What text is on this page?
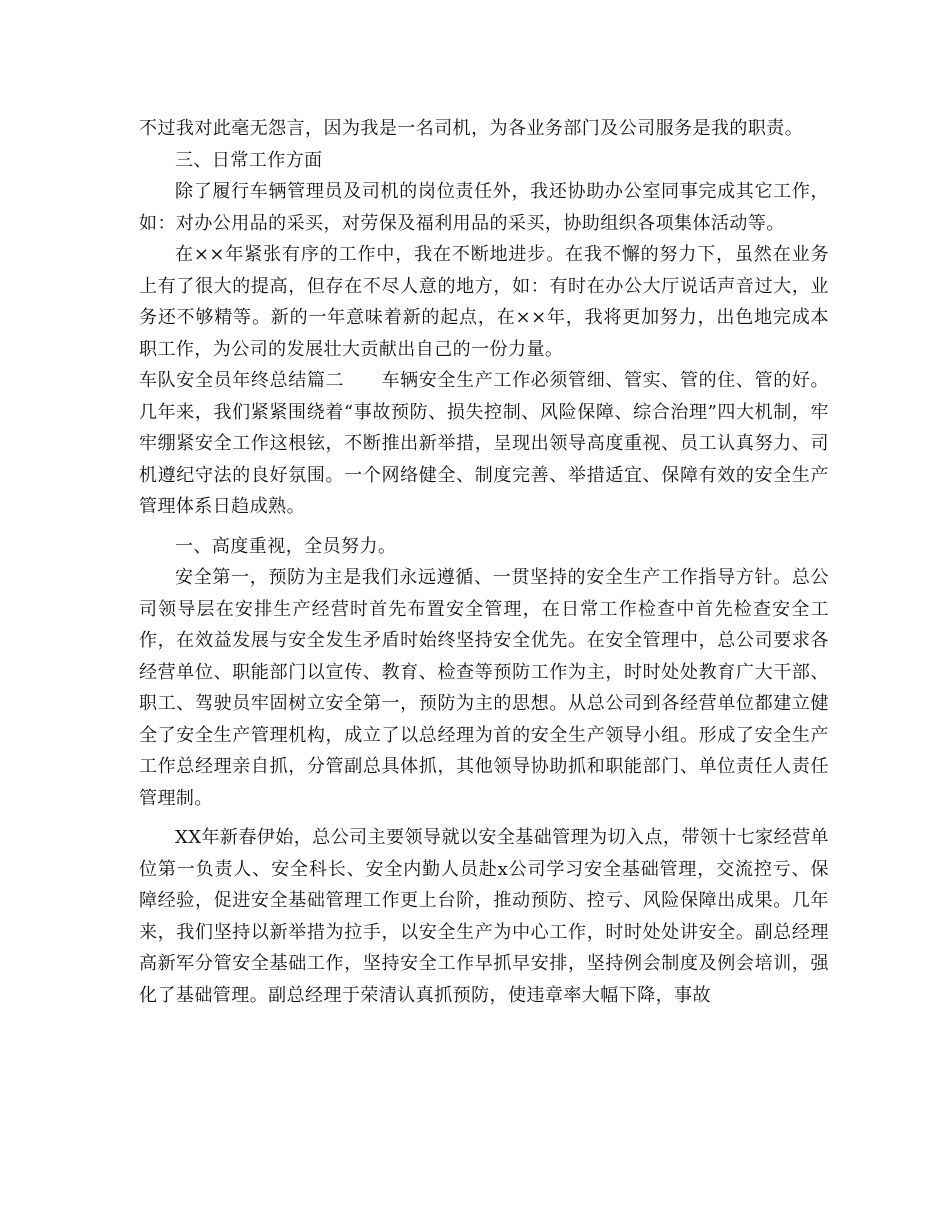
不过我对此毫无怨言，因为我是一名司机，为各业务部门及公司服务是我的职责。

三、日常工作方面

除了履行车辆管理员及司机的岗位责任外，我还协助办公室同事完成其它工作，如：对办公用品的采买，对劳保及福利用品的采买，协助组织各项集体活动等。

在××年紧张有序的工作中，我在不断地进步。在我不懈的努力下，虽然在业务上有了很大的提高，但存在不尽人意的地方，如：有时在办公大厅说话声音过大，业务还不够精等。新的一年意味着新的起点，在××年，我将更加努力，出色地完成本职工作，为公司的发展壮大贡献出自己的一份力量。

车队安全员年终总结篇二　　车辆安全生产工作必须管细、管实、管的住、管的好。几年来，我们紧紧围绕着“事故预防、损失控制、风险保障、综合治理”四大机制，牢牢绷紧安全工作这根铉，不断推出新举措，呈现出领导高度重视、员工认真努力、司机遵纪守法的良好氛围。一个网络健全、制度完善、举措适宜、保障有效的安全生产管理体系日趋成熟。

一、高度重视，全员努力。

安全第一，预防为主是我们永远遵循、一贯坚持的安全生产工作指导方针。总公司领导层在安排生产经营时首先布置安全管理，在日常工作检查中首先检查安全工作，在效益发展与安全发生矛盾时始终坚持安全优先。在安全管理中，总公司要求各经营单位、职能部门以宣传、教育、检查等预防工作为主，时时处处教育广大干部、职工、驾驶员牢固树立安全第一，预防为主的思想。从总公司到各经营单位都建立健全了安全生产管理机构，成立了以总经理为首的安全生产领导小组。形成了安全生产工作总经理亲自抓，分管副总具体抓，其他领导协助抓和职能部门、单位责任人责任管理制。

XX年新春伊始，总公司主要领导就以安全基础管理为切入点，带领十七家经营单位第一负责人、安全科长、安全内勤人员赴x公司学习安全基础管理，交流控亏、保障经验，促进安全基础管理工作更上台阶，推动预防、控亏、风险保障出成果。几年来，我们坚持以新举措为拉手，以安全生产为中心工作，时时处处讲安全。副总经理高新军分管安全基础工作，坚持安全工作早抓早安排，坚持例会制度及例会培训，强化了基础管理。副总经理于荣清认真抓预防，使违章率大幅下降，事故
